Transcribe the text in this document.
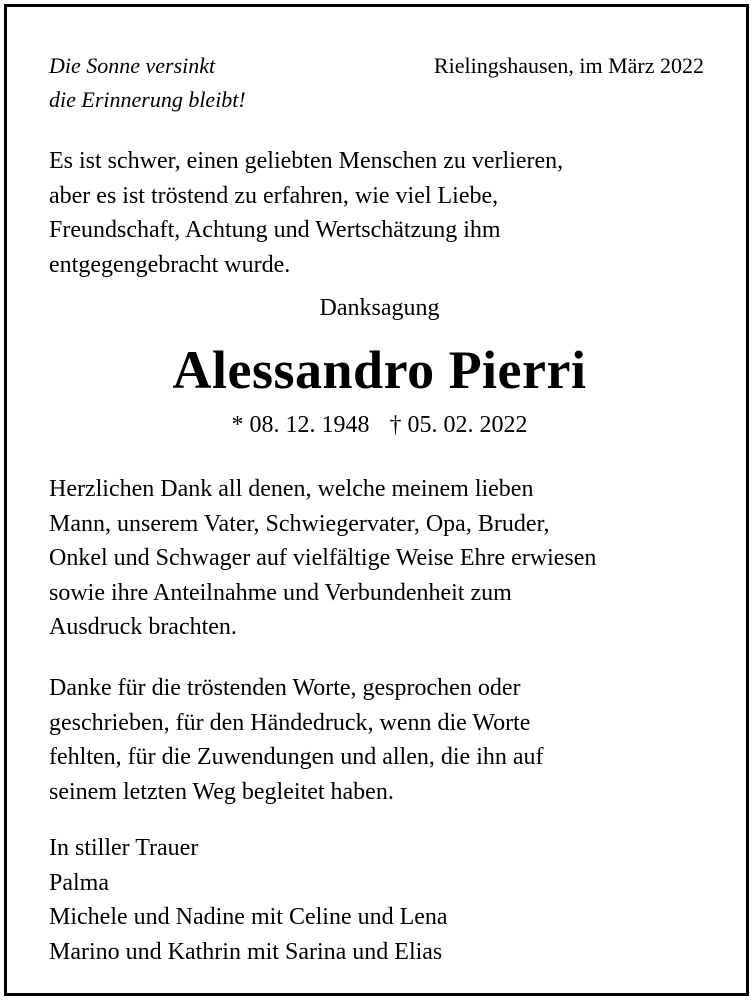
Die Sonne versinkt
die Erinnerung bleibt!
Rielingshausen, im März 2022
Es ist schwer, einen geliebten Menschen zu verlieren,
aber es ist tröstend zu erfahren, wie viel Liebe,
Freundschaft, Achtung und Wertschätzung ihm
entgegengebracht wurde.
Danksagung
Alessandro Pierri
* 08. 12. 1948 † 05. 02. 2022
Herzlichen Dank all denen, welche meinem lieben
Mann, unserem Vater, Schwiegervater, Opa, Bruder,
Onkel und Schwager auf vielfältige Weise Ehre erwiesen
sowie ihre Anteilnahme und Verbundenheit zum
Ausdruck brachten.
Danke für die tröstenden Worte, gesprochen oder
geschrieben, für den Händedruck, wenn die Worte
fehlten, für die Zuwendungen und allen, die ihn auf
seinem letzten Weg begleitet haben.
In stiller Trauer
Palma
Michele und Nadine mit Celine und Lena
Marino und Kathrin mit Sarina und Elias
